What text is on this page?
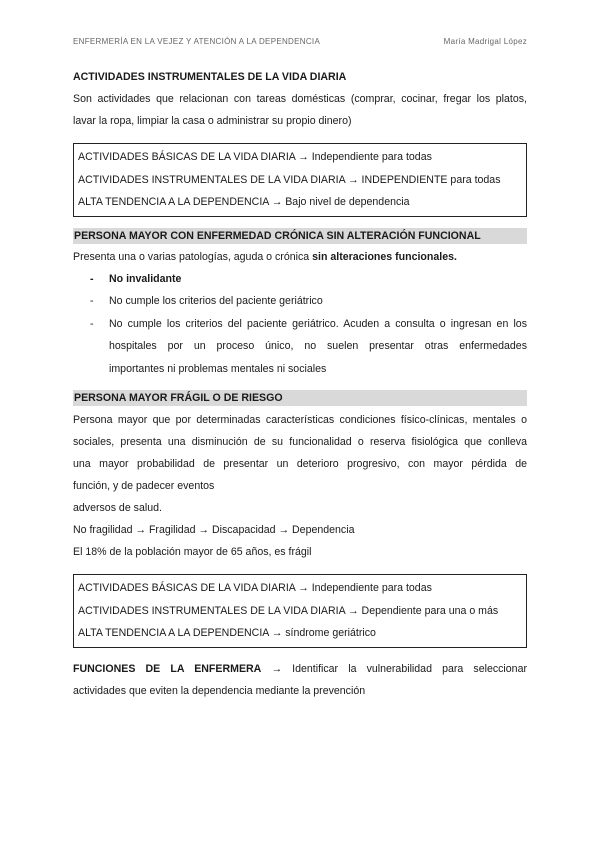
ENFERMERÍA EN LA VEJEZ Y ATENCIÓN A LA DEPENDENCIA	María Madrigal López

ACTIVIDADES INSTRUMENTALES DE LA VIDA DIARIA

Son actividades que relacionan con tareas domésticas (comprar, cocinar, fregar los platos,

lavar la ropa, limpiar la casa o administrar su propio dinero)

ACTIVIDADES BÁSICAS DE LA VIDA DIARIA → Independiente para todas
ACTIVIDADES INSTRUMENTALES DE LA VIDA DIARIA → INDEPENDIENTE para todas
ALTA TENDENCIA A LA DEPENDENCIA → Bajo nivel de dependencia

PERSONA MAYOR CON ENFERMEDAD CRÓNICA SIN ALTERACIÓN FUNCIONAL

Presenta una o varias patologías, aguda o crónica sin alteraciones funcionales.

- No invalidante
- No cumple los criterios del paciente geriátrico
- No cumple los criterios del paciente geriátrico. Acuden a consulta o ingresan en los
hospitales por un proceso único, no suelen presentar otras enfermedades
importantes ni problemas mentales ni sociales

PERSONA MAYOR FRÁGIL O DE RIESGO

Persona mayor que por determinadas características condiciones físico-clínicas, mentales o

sociales, presenta una disminución de su funcionalidad o reserva fisiológica que conlleva

una mayor probabilidad de presentar un deterioro progresivo, con mayor pérdida de

función, y de padecer eventos

adversos de salud.

No fragilidad → Fragilidad → Discapacidad → Dependencia

El 18% de la población mayor de 65 años, es frágil

ACTIVIDADES BÁSICAS DE LA VIDA DIARIA → Independiente para todas
ACTIVIDADES INSTRUMENTALES DE LA VIDA DIARIA → Dependiente para una o más
ALTA TENDENCIA A LA DEPENDENCIA → síndrome geriátrico

FUNCIONES DE LA ENFERMERA → Identificar la vulnerabilidad para seleccionar

actividades que eviten la dependencia mediante la prevención
